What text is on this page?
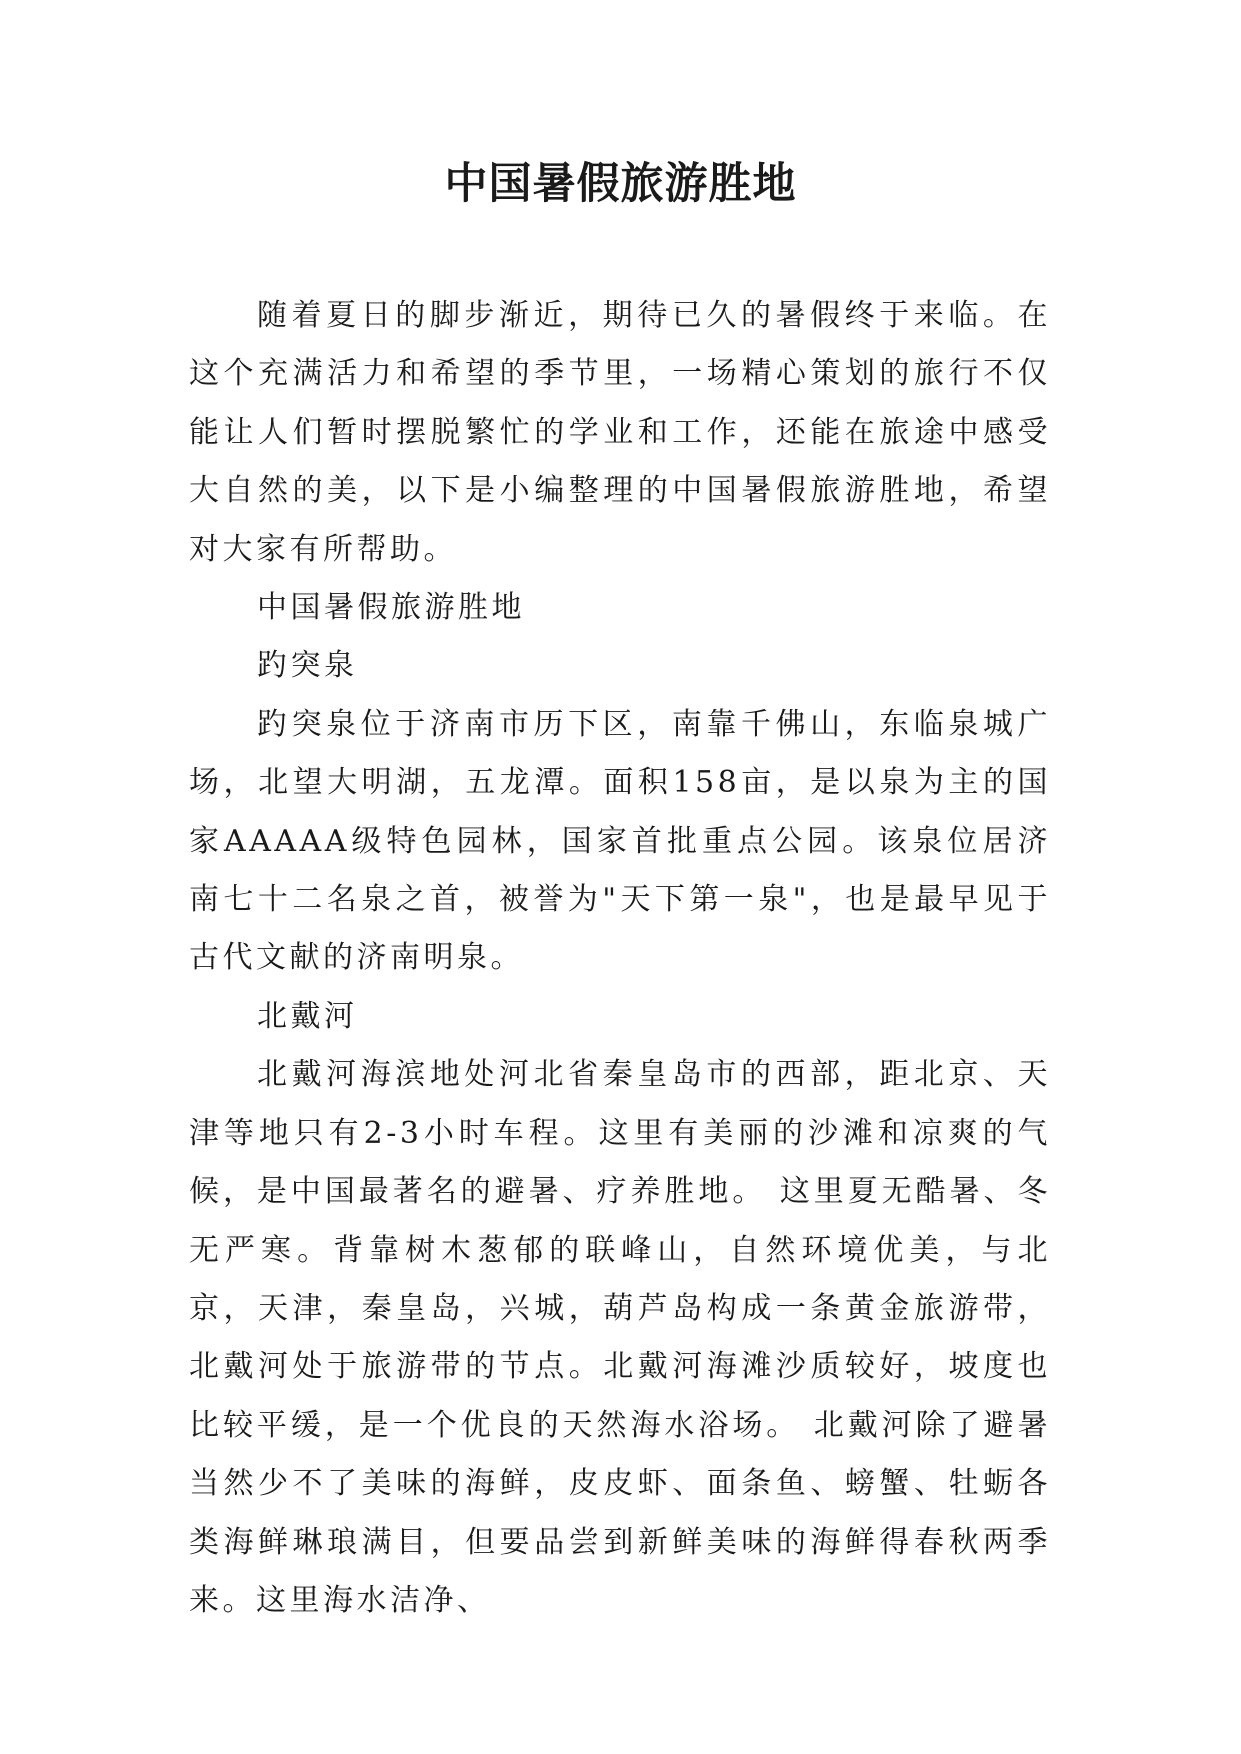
中国暑假旅游胜地

随着夏日的脚步渐近，期待已久的暑假终于来临。在这个充满活力和希望的季节里，一场精心策划的旅行不仅能让人们暂时摆脱繁忙的学业和工作，还能在旅途中感受大自然的美，以下是小编整理的中国暑假旅游胜地，希望对大家有所帮助。

中国暑假旅游胜地

趵突泉

趵突泉位于济南市历下区，南靠千佛山，东临泉城广场，北望大明湖，五龙潭。面积158亩，是以泉为主的国家AAAAA级特色园林，国家首批重点公园。该泉位居济南七十二名泉之首，被誉为"天下第一泉"，也是最早见于古代文献的济南明泉。

北戴河

北戴河海滨地处河北省秦皇岛市的西部，距北京、天津等地只有2-3小时车程。这里有美丽的沙滩和凉爽的气候，是中国最著名的避暑、疗养胜地。 这里夏无酷暑、冬无严寒。背靠树木葱郁的联峰山，自然环境优美，与北京，天津，秦皇岛，兴城，葫芦岛构成一条黄金旅游带，北戴河处于旅游带的节点。北戴河海滩沙质较好，坡度也比较平缓，是一个优良的天然海水浴场。 北戴河除了避暑当然少不了美味的海鲜，皮皮虾、面条鱼、螃蟹、牡蛎各类海鲜琳琅满目，但要品尝到新鲜美味的海鲜得春秋两季来。这里海水洁净、
